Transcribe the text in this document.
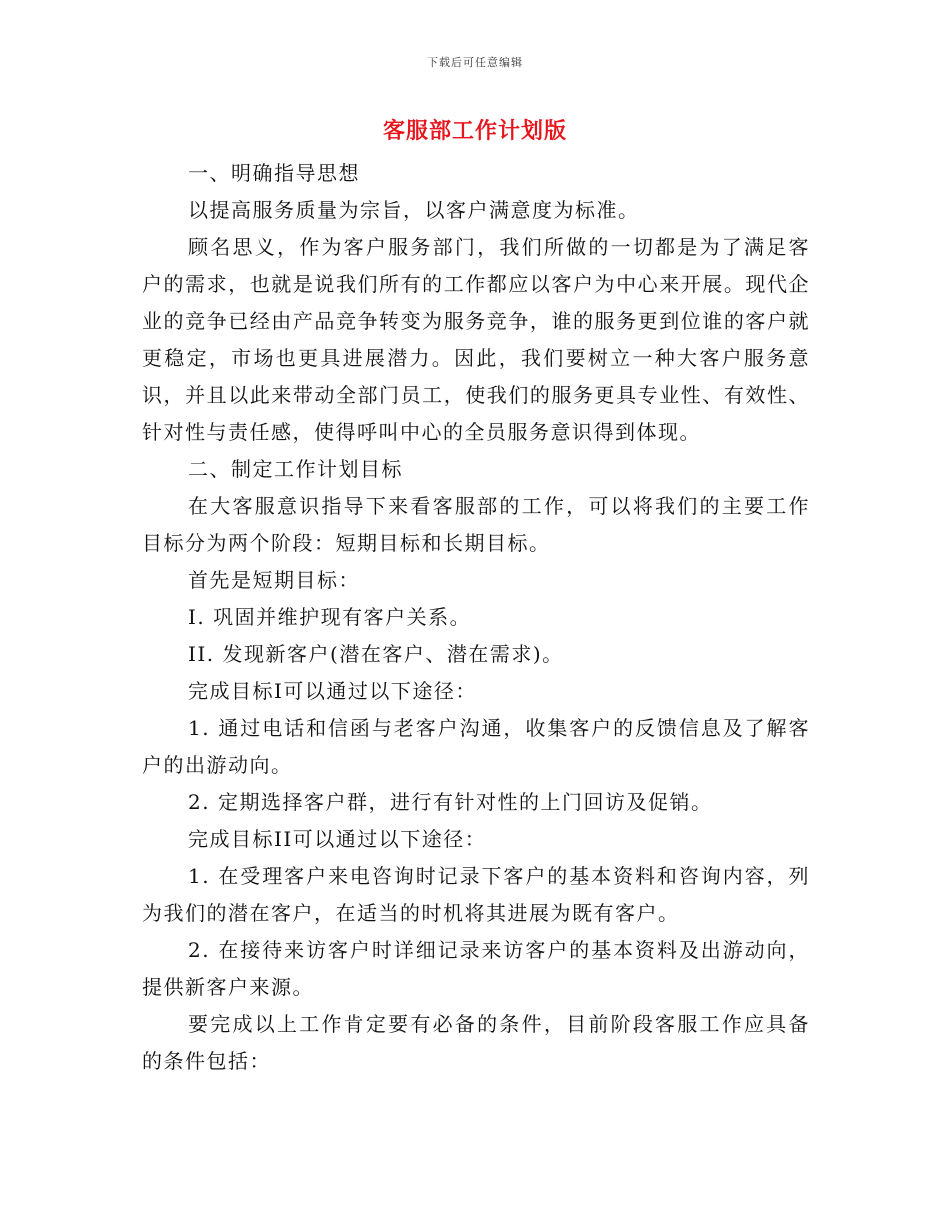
下载后可任意编辑
客服部工作计划版

一、明确指导思想

以提高服务质量为宗旨，以客户满意度为标准。

顾名思义，作为客户服务部门，我们所做的一切都是为了满足客户的需求，也就是说我们所有的工作都应以客户为中心来开展。现代企业的竞争已经由产品竞争转变为服务竞争，谁的服务更到位谁的客户就更稳定，市场也更具进展潜力。因此，我们要树立一种大客户服务意识，并且以此来带动全部门员工，使我们的服务更具专业性、有效性、针对性与责任感，使得呼叫中心的全员服务意识得到体现。

二、制定工作计划目标

在大客服意识指导下来看客服部的工作，可以将我们的主要工作目标分为两个阶段：短期目标和长期目标。

首先是短期目标：

I. 巩固并维护现有客户关系。

II. 发现新客户(潜在客户、潜在需求)。

完成目标I可以通过以下途径：

1. 通过电话和信函与老客户沟通，收集客户的反馈信息及了解客户的出游动向。

2. 定期选择客户群，进行有针对性的上门回访及促销。

完成目标II可以通过以下途径：

1. 在受理客户来电咨询时记录下客户的基本资料和咨询内容，列为我们的潜在客户，在适当的时机将其进展为既有客户。

2. 在接待来访客户时详细记录来访客户的基本资料及出游动向，提供新客户来源。

要完成以上工作肯定要有必备的条件，目前阶段客服工作应具备的条件包括：
